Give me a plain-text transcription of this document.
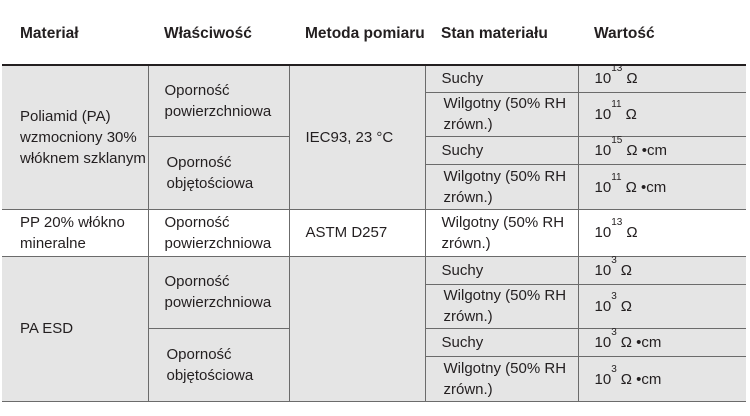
Materiał	Właściwość	Metoda pomiaru	Stan materiału	Wartość
Poliamid (PA) wzmocniony 30% włóknem szklanym	Oporność powierzchniowa	IEC93, 23 °C	Suchy	$10^{13}\Omega$
			Wilgotny (50% RH zrówn.)	$10^{11}\Omega$
	Oporność objętościowa		Suchy	$10^{15}\Omega$ •cm
			Wilgotny (50% RH zrówn.)	$10^{11}\Omega$ •cm
PP 20% włókno mineralne	Oporność powierzchniowa	ASTM D257	Wilgotny (50% RH zrówn.)	$10^{13}\Omega$
PA ESD	Oporność powierzchniowa		Suchy	$10^3\Omega$
			Wilgotny (50% RH zrówn.)	$10^3\Omega$
	Oporność objętościowa		Suchy	$10^3\Omega$ •cm
			Wilgotny (50% RH zrówn.)	$10^3\Omega$ •cm
